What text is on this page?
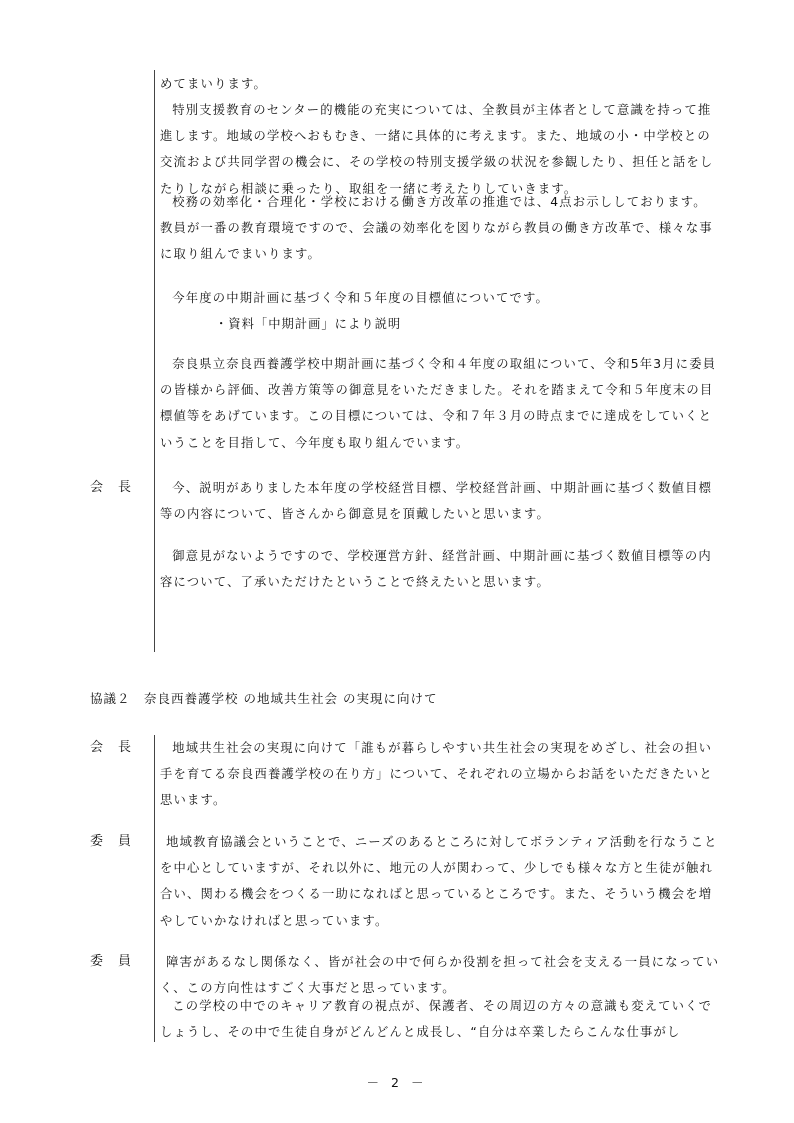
めてまいります。
特別支援教育のセンター的機能の充実については、全教員が主体者として意識を持って推進します。地域の学校へおもむき、一緒に具体的に考えます。また、地域の小・中学校との交流および共同学習の機会に、その学校の特別支援学級の状況を参観したり、担任と話をしたりしながら相談に乗ったり、取組を一緒に考えたりしていきます。
校務の効率化・合理化・学校における働き方改革の推進では、4点お示ししております。教員が一番の教育環境ですので、会議の効率化を図りながら教員の働き方改革で、様々な事に取り組んでまいります。
今年度の中期計画に基づく令和５年度の目標値についてです。
・資料「中期計画」により説明
奈良県立奈良西養護学校中期計画に基づく令和４年度の取組について、令和5年3月に委員の皆様から評価、改善方策等の御意見をいただきました。それを踏まえて令和５年度末の目標値等をあげています。この目標については、令和７年３月の時点までに達成をしていくということを目指して、今年度も取り組んでいます。
会　長	今、説明がありました本年度の学校経営目標、学校経営計画、中期計画に基づく数値目標等の内容について、皆さんから御意見を頂戴したいと思います。
御意見がないようですので、学校運営方針、経営計画、中期計画に基づく数値目標等の内容について、了承いただけたということで終えたいと思います。
協議２　奈良西養護学校 の地域共生社会 の実現に向けて
会　長	地域共生社会の実現に向けて「誰もが暮らしやすい共生社会の実現をめざし、社会の担い手を育てる奈良西養護学校の在り方」について、それぞれの立場からお話をいただきたいと思います。
委　員	地域教育協議会ということで、ニーズのあるところに対してボランティア活動を行なうことを中心としていますが、それ以外に、地元の人が関わって、少しでも様々な方と生徒が触れ合い、関わる機会をつくる一助になればと思っているところです。また、そういう機会を増やしていかなければと思っています。
委　員	障害があるなし関係なく、皆が社会の中で何らか役割を担って社会を支える一員になっていく、この方向性はすごく大事だと思っています。
この学校の中でのキャリア教育の視点が、保護者、その周辺の方々の意識も変えていくでしょうし、その中で生徒自身がどんどんと成長し、“自分は卒業したらこんな仕事がし
－ 2 －
